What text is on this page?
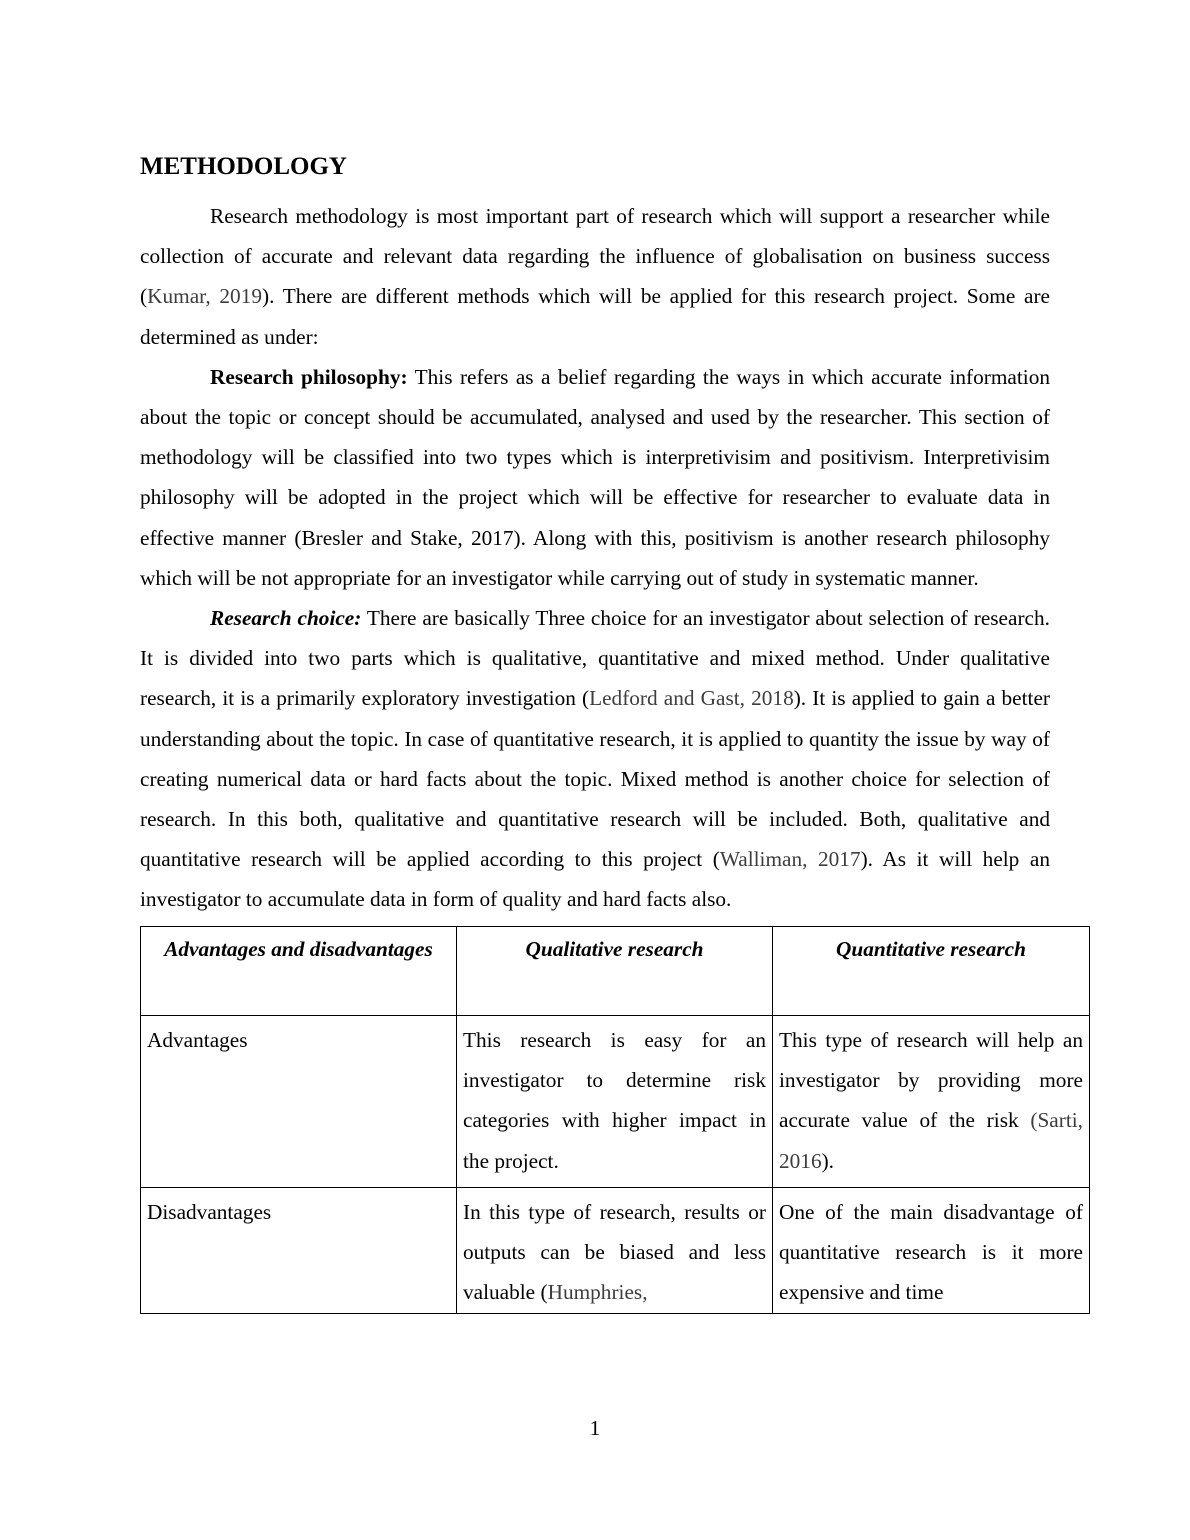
METHODOLOGY

Research methodology is most important part of research which will support a researcher while collection of accurate and relevant data regarding the influence of globalisation on business success (Kumar, 2019). There are different methods which will be applied for this research project. Some are determined as under:

Research philosophy: This refers as a belief regarding the ways in which accurate information about the topic or concept should be accumulated, analysed and used by the researcher. This section of methodology will be classified into two types which is interpretivisim and positivism. Interpretivisim philosophy will be adopted in the project which will be effective for researcher to evaluate data in effective manner (Bresler and Stake, 2017). Along with this, positivism is another research philosophy which will be not appropriate for an investigator while carrying out of study in systematic manner.

Research choice: There are basically Three choice for an investigator about selection of research. It is divided into two parts which is qualitative, quantitative and mixed method. Under qualitative research, it is a primarily exploratory investigation (Ledford and Gast, 2018). It is applied to gain a better understanding about the topic. In case of quantitative research, it is applied to quantity the issue by way of creating numerical data or hard facts about the topic. Mixed method is another choice for selection of research. In this both, qualitative and quantitative research will be included. Both, qualitative and quantitative research will be applied according to this project (Walliman, 2017). As it will help an investigator to accumulate data in form of quality and hard facts also.

Advantages and disadvantages	Qualitative research	Quantitative research
Advantages	This research is easy for an investigator to determine risk categories with higher impact in the project.	This type of research will help an investigator by providing more accurate value of the risk (Sarti, 2016).
Disadvantages	In this type of research, results or outputs can be biased and less valuable (Humphries,	One of the main disadvantage of quantitative research is it more expensive and time
1
